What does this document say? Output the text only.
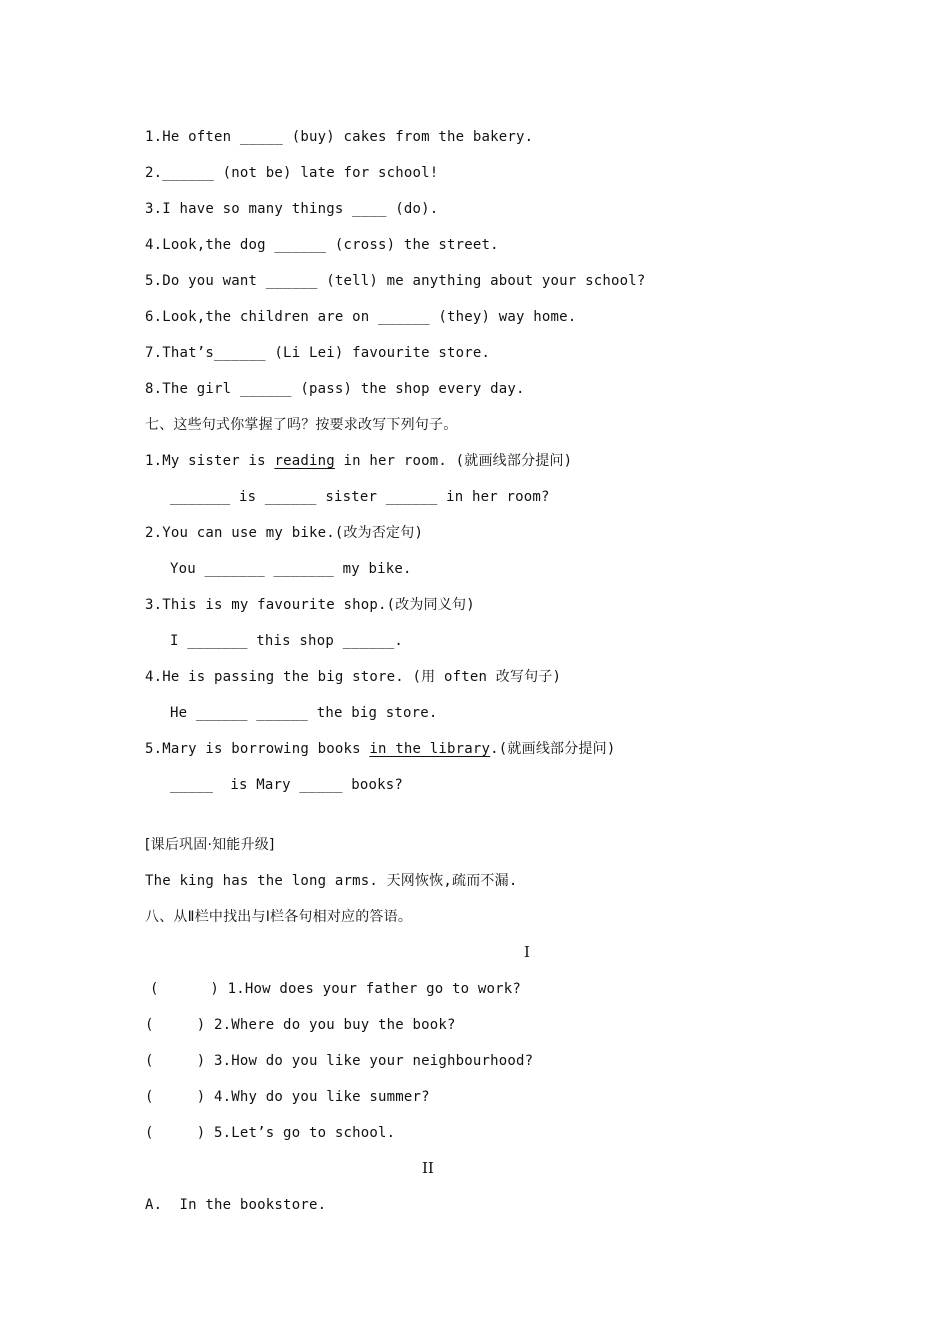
1.He often _____ (buy) cakes from the bakery.
2.______ (not be) late for school!
3.I have so many things ____ (do).
4.Look,the dog ______ (cross) the street.
5.Do you want ______ (tell) me anything about your school?
6.Look,the children are on ______ (they) way home.
7.That’s______ (Li Lei) favourite store.
8.The girl ______ (pass) the shop every day.
七、这些句式你掌握了吗？按要求改写下列句子。
1.My sister is reading in her room. (就画线部分提问)
_______ is ______ sister ______ in her room?
2.You can use my bike.(改为否定句)
You _______ _______ my bike.
3.This is my favourite shop.(改为同义句)
I _______ this shop ______.
4.He is passing the big store. (用 often 改写句子)
He ______ ______ the big store.
5.Mary is borrowing books in the library.(就画线部分提问)
_____  is Mary _____ books?
[课后巩固·知能升级]
The king has the long arms. 天网恢恢,疏而不漏.
八、从Ⅱ栏中找出与Ⅰ栏各句相对应的答语。
I
(      ) 1.How does your father go to work?
(     ) 2.Where do you buy the book?
(     ) 3.How do you like your neighbourhood?
(     ) 4.Why do you like summer?
(     ) 5.Let’s go to school.
II
A.  In the bookstore.
